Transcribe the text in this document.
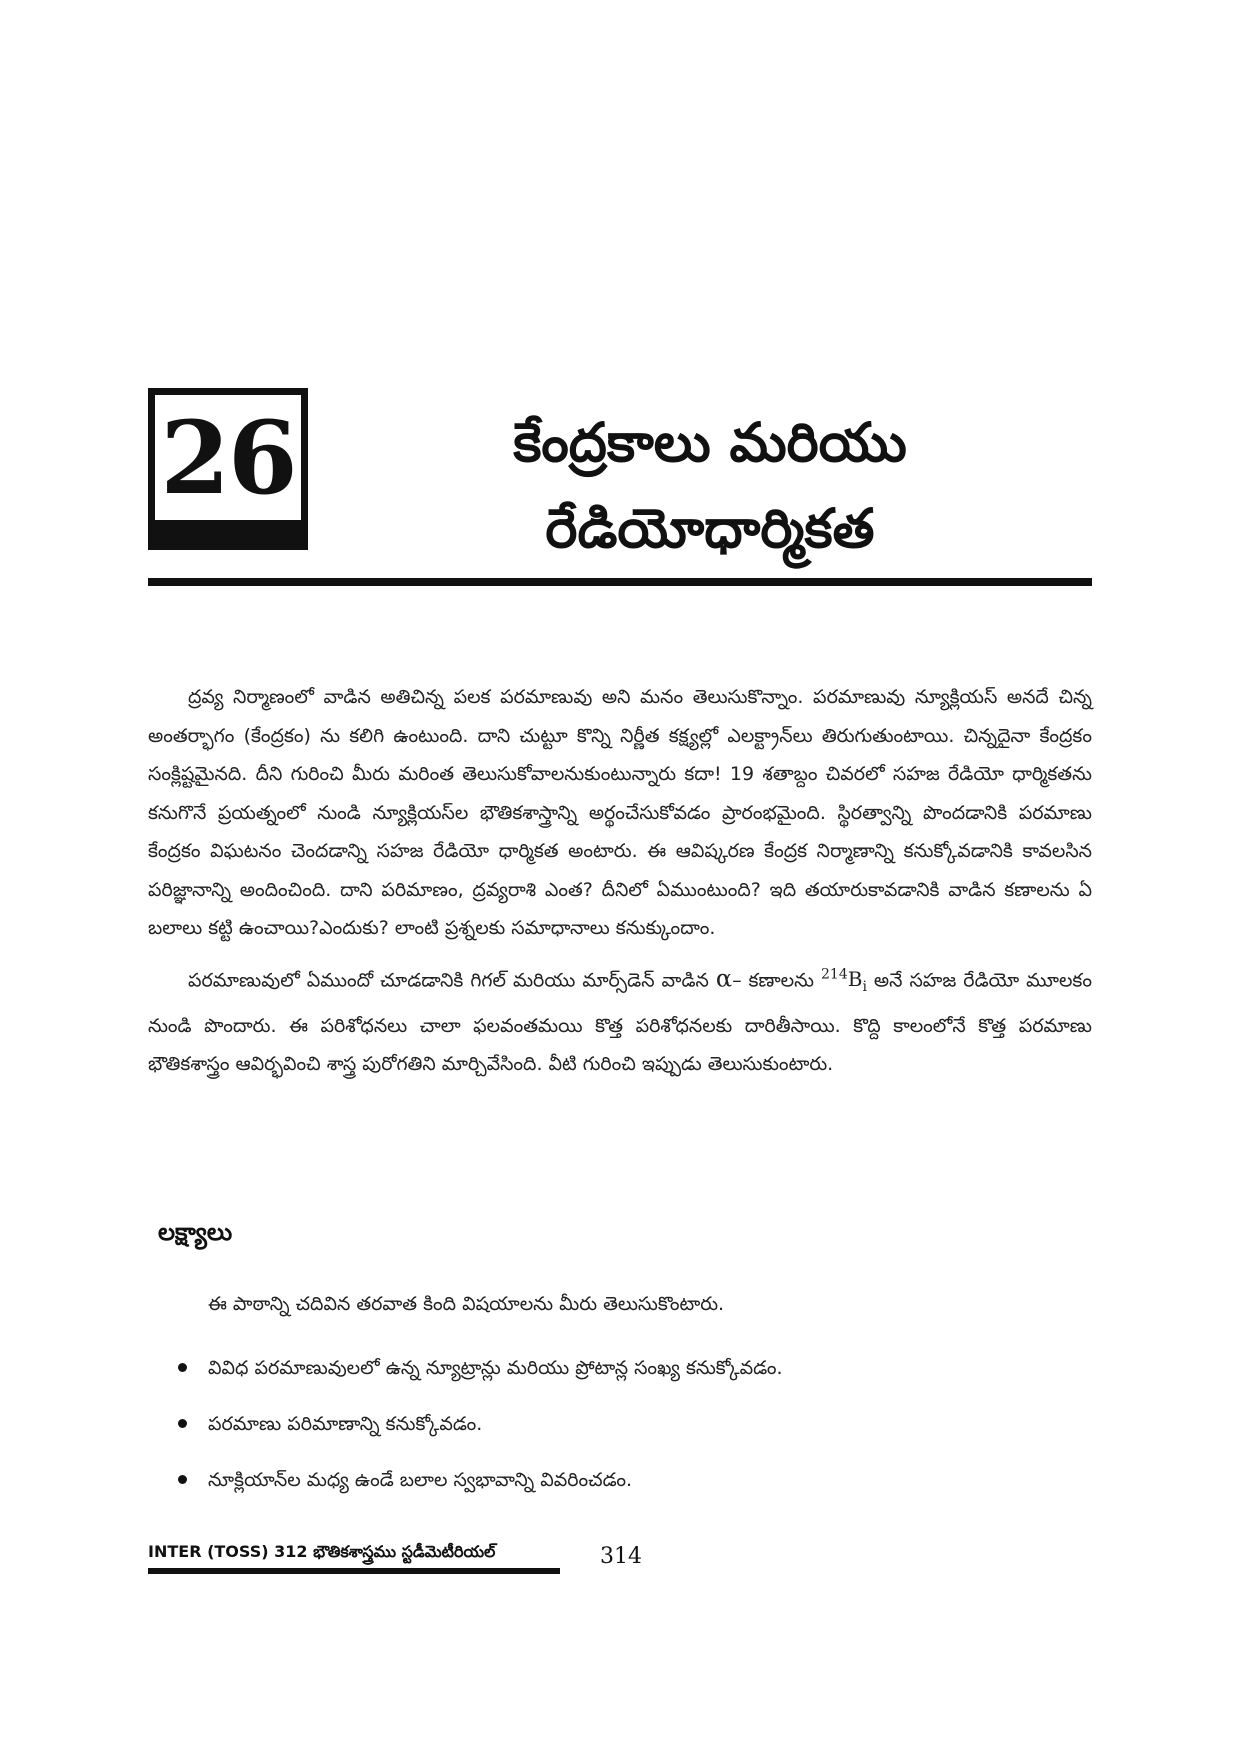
26	కేంద్రకాలు మరియు
రేడియోధార్మికత

ద్రవ్య నిర్మాణంలో వాడిన అతిచిన్న పలక పరమాణువు అని మనం తెలుసుకొన్నాం. పరమాణువు న్యూక్లియస్ అనదే చిన్న అంతర్భాగం (కేంద్రకం) ను కలిగి ఉంటుంది. దాని చుట్టూ కొన్ని నిర్ణీత కక్ష్యల్లో ఎలక్ట్రాన్‌లు తిరుగుతుంటాయి. చిన్నదైనా కేంద్రకం సంక్లిష్టమైనది. దీని గురించి మీరు మరింత తెలుసుకోవాలనుకుంటున్నారు కదా! 19 శతాబ్దం చివరలో సహజ రేడియో ధార్మికతను కనుగొనే ప్రయత్నంలో నుండి న్యూక్లియస్‌ల భౌతికశాస్త్రాన్ని అర్థంచేసుకోవడం ప్రారంభమైంది. స్థిరత్వాన్ని పొందడానికి పరమాణు కేంద్రకం విఘటనం చెందడాన్ని సహజ రేడియో ధార్మికత అంటారు. ఈ ఆవిష్కరణ కేంద్రక నిర్మాణాన్ని కనుక్కోవడానికి కావలసిన పరిజ్ఞానాన్ని అందించింది. దాని పరిమాణం, ద్రవ్యరాశి ఎంత? దీనిలో ఏముంటుంది? ఇది తయారుకావడానికి వాడిన కణాలను ఏ బలాలు కట్టి ఉంచాయి?ఎందుకు? లాంటి ప్రశ్నలకు సమాధానాలు కనుక్కుందాం.

పరమాణువులో ఏముందో చూడడానికి గిగల్ మరియు మార్స్‌డెన్ వాడిన α– కణాలను $^{214}B_i$ అనే సహజ రేడియో మూలకం నుండి పొందారు. ఈ పరిశోధనలు చాలా ఫలవంతమయి కొత్త పరిశోధనలకు దారితీసాయి. కొద్ది కాలంలోనే కొత్త పరమాణు భౌతికశాస్త్రం ఆవిర్భవించి శాస్త్ర పురోగతిని మార్చివేసింది. వీటి గురించి ఇప్పుడు తెలుసుకుంటారు.

లక్ష్యాలు
ఈ పాఠాన్ని చదివిన తరవాత కింది విషయాలను మీరు తెలుసుకొంటారు.
వివిధ పరమాణువులలో ఉన్న న్యూట్రాన్లు మరియు ప్రోటాన్ల సంఖ్య కనుక్కోవడం.
పరమాణు పరిమాణాన్ని కనుక్కోవడం.
నూక్లియాన్‌ల మధ్య ఉండే బలాల స్వభావాన్ని వివరించడం.
INTER (TOSS) 312 భౌతికశాస్త్రము స్టడీమెటీరియల్	314
